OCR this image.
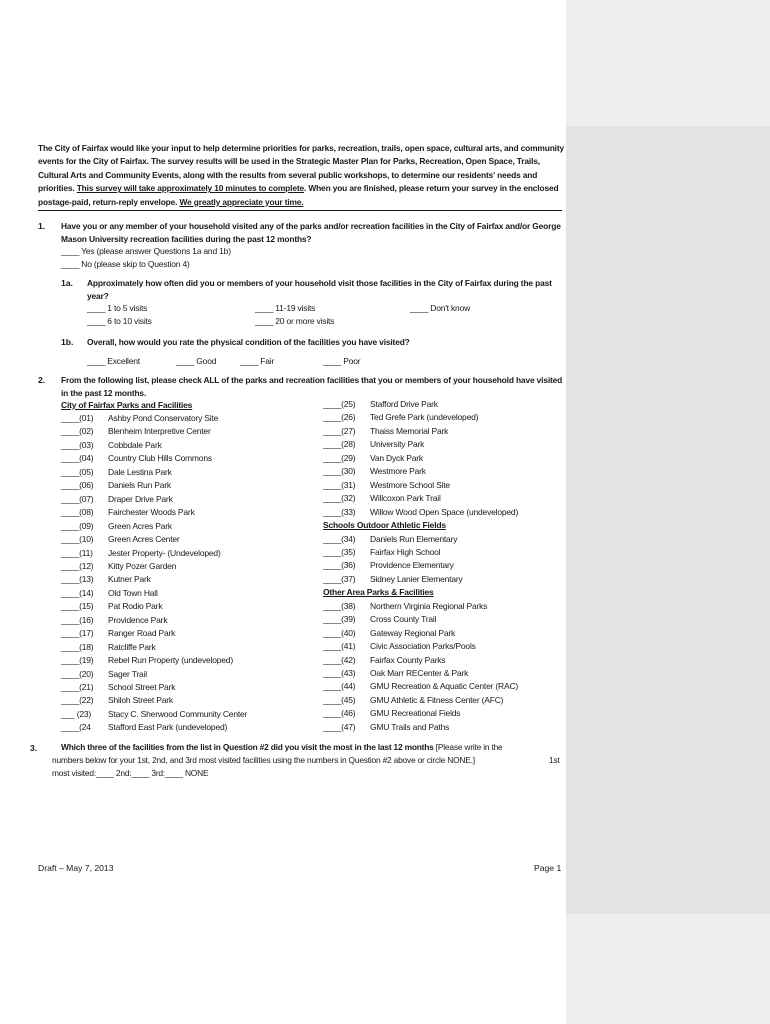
The City of Fairfax would like your input to help determine priorities for parks, recreation, trails, open space, cultural arts, and community events for the City of Fairfax. The survey results will be used in the Strategic Master Plan for Parks, Recreation, Open Space, Trails, Cultural Arts and Community Events, along with the results from several public workshops, to determine our residents' needs and priorities. This survey will take approximately 10 minutes to complete. When you are finished, please return your survey in the enclosed postage-paid, return-reply envelope. We greatly appreciate your time.
1. Have you or any member of your household visited any of the parks and/or recreation facilities in the City of Fairfax and/or George Mason University recreation facilities during the past 12 months?
____ Yes (please answer Questions 1a and 1b)
____ No (please skip to Question 4)
1a. Approximately how often did you or members of your household visit those facilities in the City of Fairfax during the past year?
____ 1 to 5 visits	____ 11-19 visits	____ Don't know
____ 6 to 10 visits	____ 20 or more visits
1b. Overall, how would you rate the physical condition of the facilities you have visited?
____ Excellent	____ Good	____ Fair	____ Poor
2. From the following list, please check ALL of the parks and recreation facilities that you or members of your household have visited in the past 12 months.
City of Fairfax Parks and Facilities
____(01) Ashby Pond Conservatory Site
____(02) Blenheim Interpretive Center
____(03) Cobbdale Park
____(04) Country Club Hills Commons
____(05) Dale Lestina Park
____(06) Daniels Run Park
____(07) Draper Drive Park
____(08) Fairchester Woods Park
____(09) Green Acres Park
____(10) Green Acres Center
____(11) Jester Property- (Undeveloped)
____(12) Kitty Pozer Garden
____(13) Kutner Park
____(14) Old Town Hall
____(15) Pat Rodio Park
____(16) Providence Park
____(17) Ranger Road Park
____(18) Ratcliffe Park
____(19) Rebel Run Property (undeveloped)
____(20) Sager Trail
____(21) School Street Park
____(22) Shiloh Street Park
___ (23) Stacy C. Sherwood Community Center
____(24 Stafford East Park (undeveloped)
____(25) Stafford Drive Park
____(26) Ted Grefe Park (undeveloped)
____(27) Thaiss Memorial Park
____(28) University Park
____(29) Van Dyck Park
____(30) Westmore Park
____(31) Westmore School Site
____(32) Willcoxon Park Trail
____(33) Willow Wood Open Space (undeveloped)
____(34) Daniels Run Elementary
____(35) Fairfax High School
____(36) Providence Elementary
____(37) Sidney Lanier Elementary
____(38) Northern Virginia Regional Parks
____(39) Cross County Trail
____(40) Gateway Regional Park
____(41) Civic Association Parks/Pools
____(42) Fairfax County Parks
____(43) Oak Marr RECenter & Park
____(44) GMU Recreation & Aquatic Center (RAC)
____(45) GMU Athletic & Fitness Center (AFC)
____(46) GMU Recreational Fields
____(47) GMU Trails and Paths
Schools Outdoor Athletic Fields
Other Area Parks & Facilities
3.	Which three of the facilities from the list in Question #2 did you visit the most in the last 12 months [Please write in the
numbers below for your 1st, 2nd, and 3rd most visited facilities using the numbers in Question #2 above or circle NONE.]	1st
most visited:____ 2nd:____ 3rd:____ NONE
Draft – May 7, 2013	Page 1
